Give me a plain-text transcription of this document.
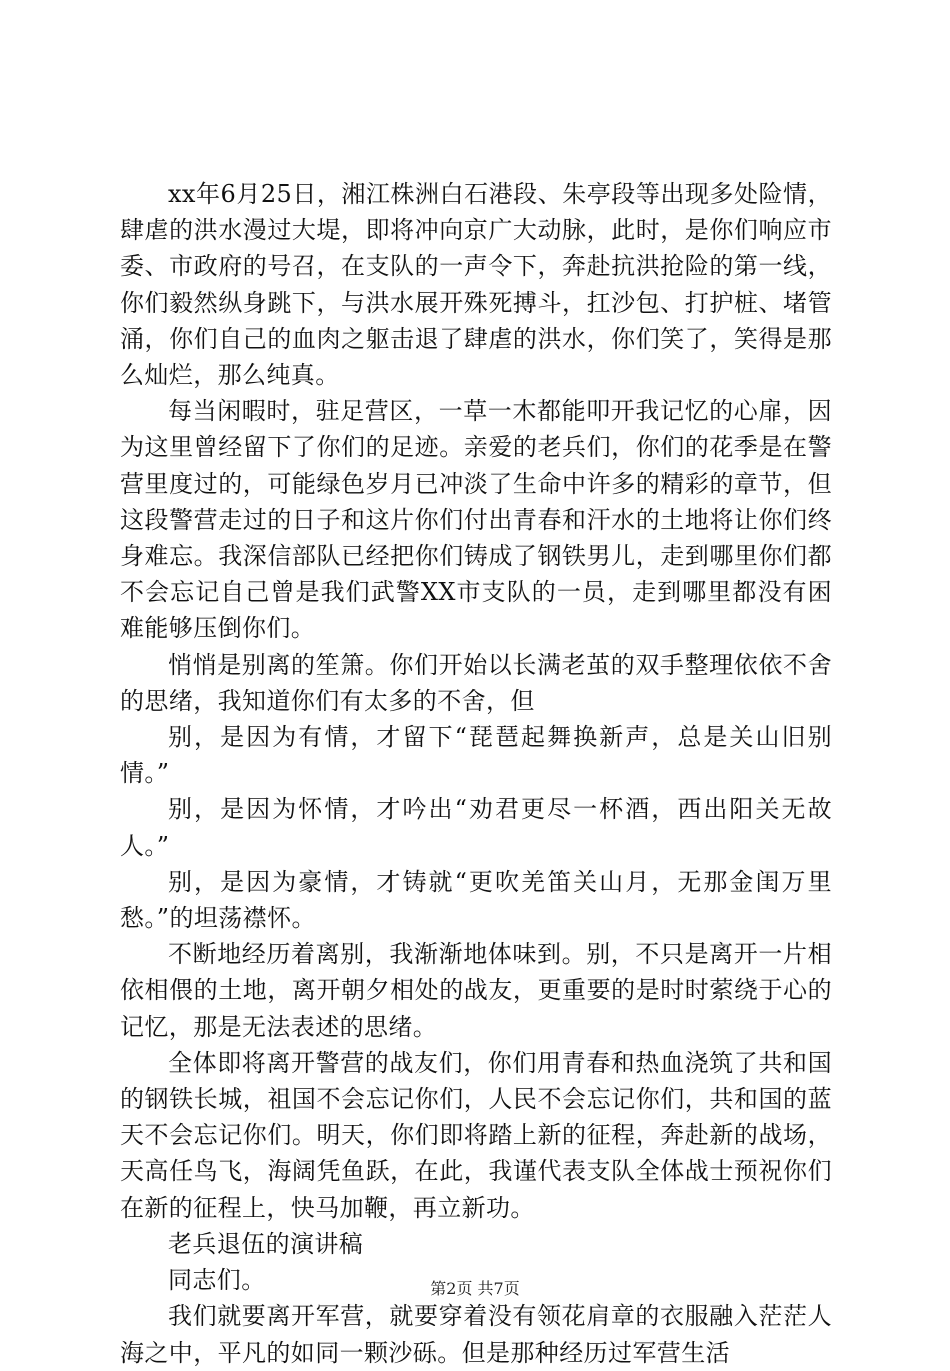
xx年6月25日，湘江株洲白石港段、朱亭段等出现多处险情，肆虐的洪水漫过大堤，即将冲向京广大动脉，此时，是你们响应市委、市政府的号召，在支队的一声令下，奔赴抗洪抢险的第一线，你们毅然纵身跳下，与洪水展开殊死搏斗，扛沙包、打护桩、堵管涌，你们自己的血肉之躯击退了肆虐的洪水，你们笑了，笑得是那么灿烂，那么纯真。

每当闲暇时，驻足营区，一草一木都能叩开我记忆的心扉，因为这里曾经留下了你们的足迹。亲爱的老兵们，你们的花季是在警营里度过的，可能绿色岁月已冲淡了生命中许多的精彩的章节，但这段警营走过的日子和这片你们付出青春和汗水的土地将让你们终身难忘。我深信部队已经把你们铸成了钢铁男儿，走到哪里你们都不会忘记自己曾是我们武警XX市支队的一员，走到哪里都没有困难能够压倒你们。

悄悄是别离的笙箫。你们开始以长满老茧的双手整理依依不舍的思绪，我知道你们有太多的不舍，但

别，是因为有情，才留下“琵琶起舞换新声，总是关山旧别情。”

别，是因为怀情，才吟出“劝君更尽一杯酒，西出阳关无故人。”

别，是因为豪情，才铸就“更吹羌笛关山月，无那金闺万里愁。”的坦荡襟怀。

不断地经历着离别，我渐渐地体味到。别，不只是离开一片相依相偎的土地，离开朝夕相处的战友，更重要的是时时萦绕于心的记忆，那是无法表述的思绪。

全体即将离开警营的战友们，你们用青春和热血浇筑了共和国的钢铁长城，祖国不会忘记你们，人民不会忘记你们，共和国的蓝天不会忘记你们。明天，你们即将踏上新的征程，奔赴新的战场，天高任鸟飞，海阔凭鱼跃，在此，我谨代表支队全体战士预祝你们在新的征程上，快马加鞭，再立新功。

老兵退伍的演讲稿

同志们。

我们就要离开军营，就要穿着没有领花肩章的衣服融入茫茫人海之中，平凡的如同一颗沙砾。但是那种经历过军营生活

第2页 共7页
